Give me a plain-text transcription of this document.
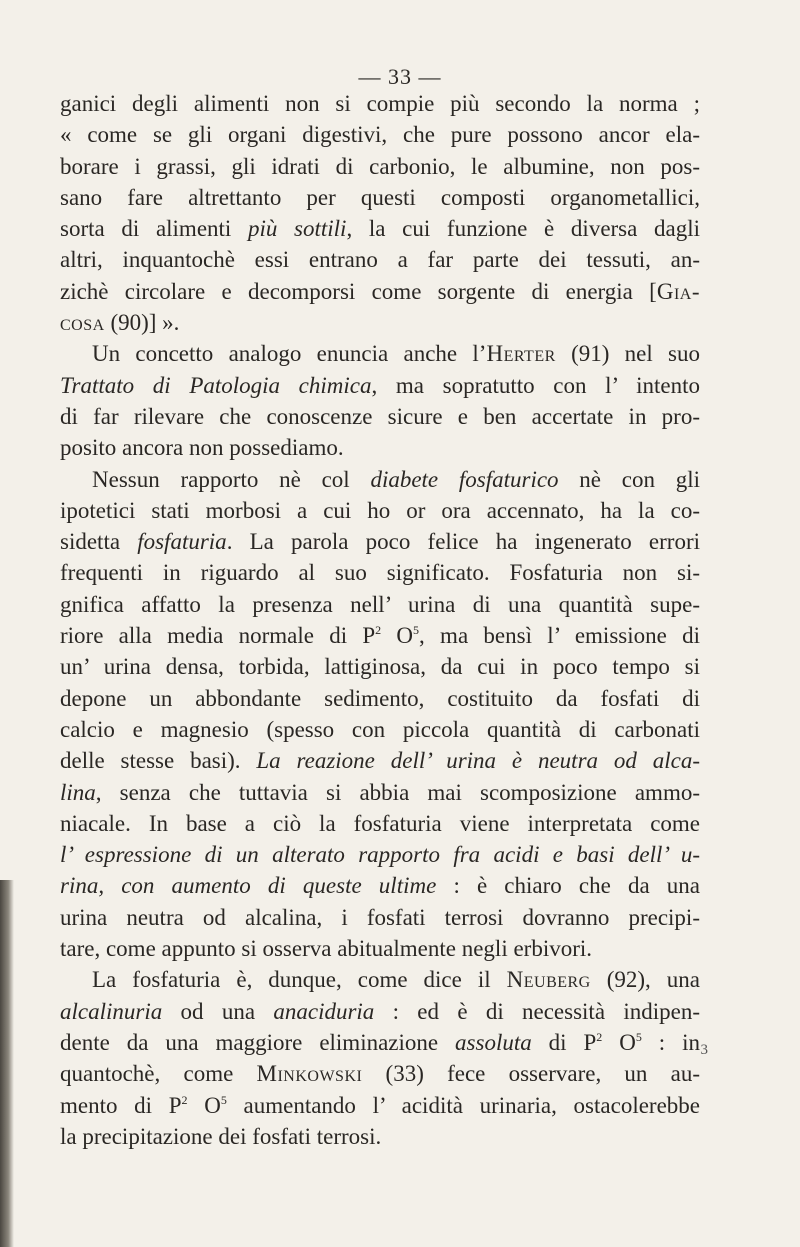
— 33 —
ganici degli alimenti non si compie più secondo la norma ;
« come se gli organi digestivi, che pure possono ancor ela-
borare i grassi, gli idrati di carbonio, le albumine, non pos-
sano fare altrettanto per questi composti organometallici,
sorta di alimenti più sottili, la cui funzione è diversa dagli
altri, inquantochè essi entrano a far parte dei tessuti, an-
zichè circolare e decomporsi come sorgente di energia [Gia-
cosa (90)] ».
Un concetto analogo enuncia anche l’Herter (91) nel suo
Trattato di Patologia chimica, ma sopratutto con l’ intento
di far rilevare che conoscenze sicure e ben accertate in pro-
posito ancora non possediamo.
Nessun rapporto nè col diabete fosfaturico nè con gli
ipotetici stati morbosi a cui ho or ora accennato, ha la co-
sidetta fosfaturia. La parola poco felice ha ingenerato errori
frequenti in riguardo al suo significato. Fosfaturia non si-
gnifica affatto la presenza nell’ urina di una quantità supe-
riore alla media normale di $P^2$ $O^5$, ma bensì l’ emissione di
un’ urina densa, torbida, lattiginosa, da cui in poco tempo si
depone un abbondante sedimento, costituito da fosfati di
calcio e magnesio (spesso con piccola quantità di carbonati
delle stesse basi). La reazione dell’ urina è neutra od alca-
lina, senza che tuttavia si abbia mai scomposizione ammo-
niacale. In base a ciò la fosfaturia viene interpretata come
l’ espressione di un alterato rapporto fra acidi e basi dell’ u-
rina, con aumento di queste ultime : è chiaro che da una
urina neutra od alcalina, i fosfati terrosi dovranno precipi-
tare, come appunto si osserva abitualmente negli erbivori.
La fosfaturia è, dunque, come dice il Neuberg (92), una
alcalinuria od una anaciduria : ed è di necessità indipen-
dente da una maggiore eliminazione assoluta di $P^2$ $O^5$ : in
quantochè, come Minkowski (33) fece osservare, un au-
mento di $P^2$ $O^5$ aumentando l’ acidità urinaria, ostacolerebbe
la precipitazione dei fosfati terrosi.
3
